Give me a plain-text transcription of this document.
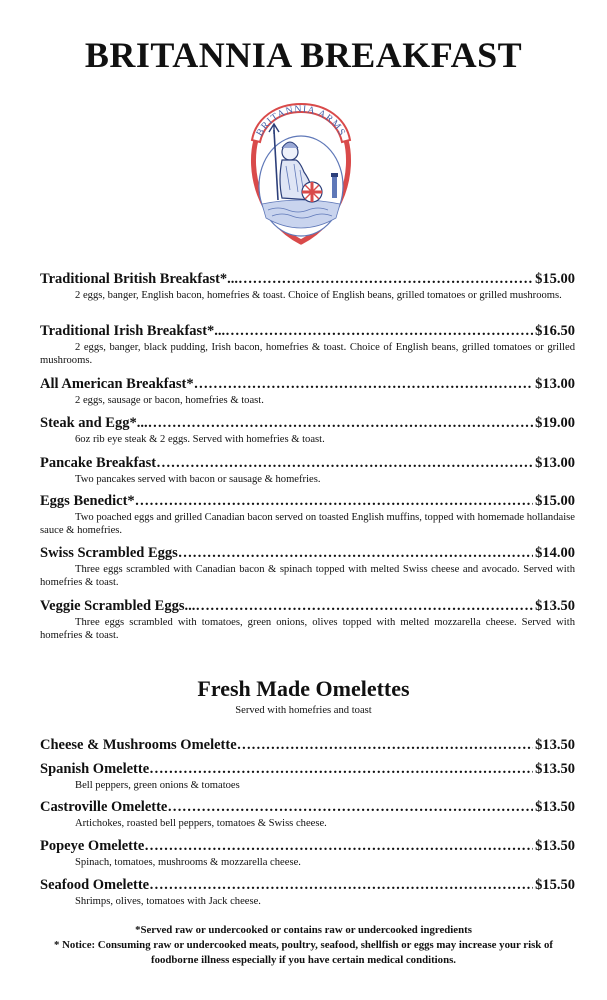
BRITANNIA BREAKFAST
BRITANNIA ARMS
Traditional British Breakfast*... …………………………………………………………………………………………………………………………………………………	$15.00
2 eggs, banger, English bacon, homefries & toast. Choice of English beans, grilled tomatoes or grilled mushrooms.
Traditional Irish Breakfast*... …………………………………………………………………………………………………………………………………………………	$16.50
2 eggs, banger, black pudding, Irish bacon, homefries & toast. Choice of English beans, grilled tomatoes or grilled mushrooms.
All American Breakfast* …………………………………………………………………………………………………………………………………………………	$13.00
2 eggs, sausage or bacon, homefries & toast.
Steak and Egg*... …………………………………………………………………………………………………………………………………………………	$19.00
6oz rib eye steak & 2 eggs. Served with homefries & toast.
Pancake Breakfast …………………………………………………………………………………………………………………………………………………	$13.00
Two pancakes served with bacon or sausage & homefries.
Eggs Benedict* …………………………………………………………………………………………………………………………………………………	$15.00
Two poached eggs and grilled Canadian bacon served on toasted English muffins, topped with homemade hollandaise sauce & homefries.
Swiss Scrambled Eggs …………………………………………………………………………………………………………………………………………………	$14.00
Three eggs scrambled with Canadian bacon & spinach topped with melted Swiss cheese and avocado. Served with homefries & toast.
Veggie Scrambled Eggs... …………………………………………………………………………………………………………………………………………………	$13.50
Three eggs scrambled with tomatoes, green onions, olives topped with melted mozzarella cheese. Served with homefries & toast.
Fresh Made Omelettes
Served with homefries and toast
Cheese & Mushrooms Omelette …………………………………………………………………………………………………………………………………………………	$13.50
Spanish Omelette …………………………………………………………………………………………………………………………………………………	$13.50
Bell peppers, green onions & tomatoes
Castroville Omelette …………………………………………………………………………………………………………………………………………………	$13.50
Artichokes, roasted bell peppers, tomatoes & Swiss cheese.
Popeye Omelette …………………………………………………………………………………………………………………………………………………	$13.50
Spinach, tomatoes, mushrooms & mozzarella cheese.
Seafood Omelette …………………………………………………………………………………………………………………………………………………	$15.50
Shrimps, olives, tomatoes with Jack cheese.
*Served raw or undercooked or contains raw or undercooked ingredients
* Notice: Consuming raw or undercooked meats, poultry, seafood, shellfish or eggs may increase your risk of foodborne illness especially if you have certain medical conditions.
